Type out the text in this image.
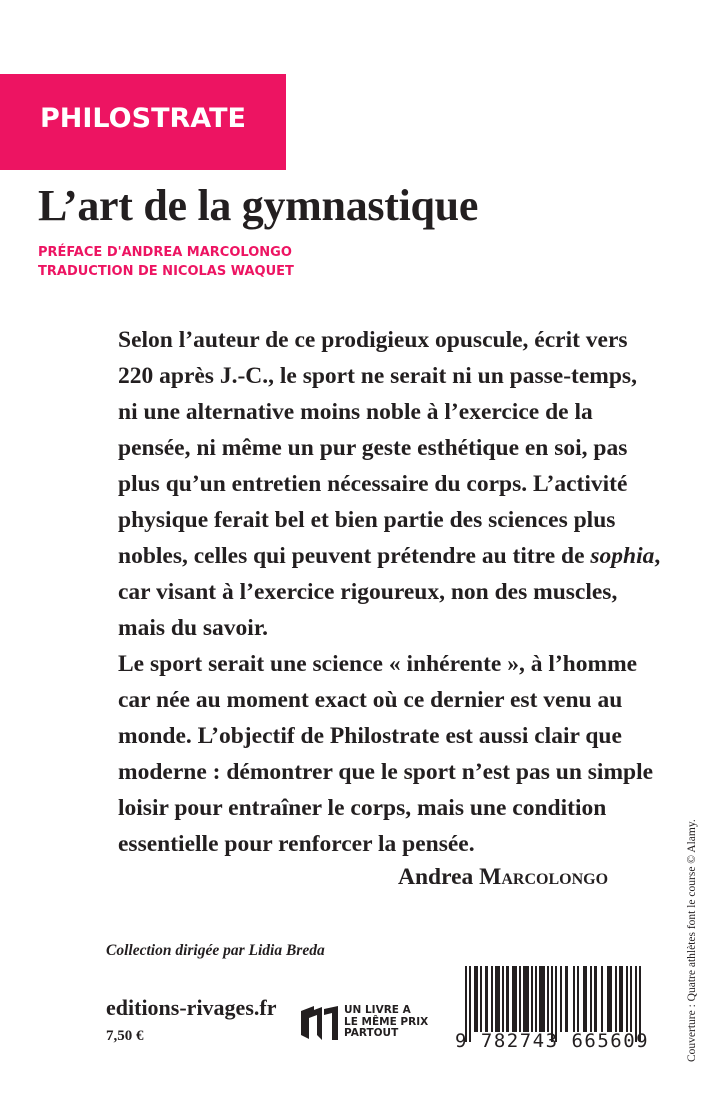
PHILOSTRATE
L’art de la gymnastique
PRÉFACE D'ANDREA MARCOLONGO
TRADUCTION DE NICOLAS WAQUET

Selon l’auteur de ce prodigieux opuscule, écrit vers

220 après J.-C., le sport ne serait ni un passe-temps,

ni une alternative moins noble à l’exercice de la

pensée, ni même un pur geste esthétique en soi, pas

plus qu’un entretien nécessaire du corps. L’activité

physique ferait bel et bien partie des sciences plus

nobles, celles qui peuvent prétendre au titre de sophia,

car visant à l’exercice rigoureux, non des muscles,

mais du savoir.

Le sport serait une science « inhérente », à l’homme

car née au moment exact où ce dernier est venu au

monde. L’objectif de Philostrate est aussi clair que

moderne : démontrer que le sport n’est pas un simple

loisir pour entraîner le corps, mais une condition

essentielle pour renforcer la pensée.

Andrea Marcolongo
Collection dirigée par Lidia Breda
editions-rivages.fr
7,50 €
UN LIVRE A
LE MÊME PRIX
PARTOUT	9 782743 665609	Couverture : Quatre athlètes font le course © Alamy.
